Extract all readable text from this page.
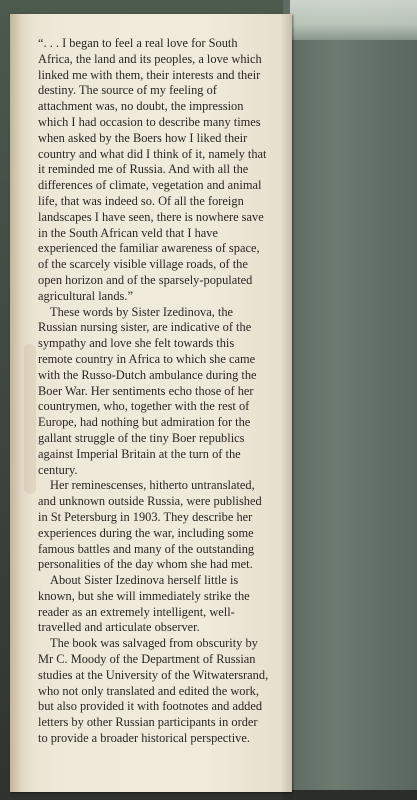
“. . . I began to feel a real love for South Africa, the land and its peoples, a love which linked me with them, their interests and their destiny. The source of my feeling of attachment was, no doubt, the impression which I had occasion to describe many times when asked by the Boers how I liked their country and what did I think of it, namely that it reminded me of Russia. And with all the differences of climate, vegetation and animal life, that was indeed so. Of all the foreign landscapes I have seen, there is nowhere save in the South African veld that I have experienced the familiar awareness of space, of the scarcely visible village roads, of the open horizon and of the sparsely-populated agricultural lands.”

These words by Sister Izedinova, the Russian nursing sister, are indicative of the sympathy and love she felt towards this remote country in Africa to which she came with the Russo-Dutch ambulance during the Boer War. Her sentiments echo those of her countrymen, who, together with the rest of Europe, had nothing but admiration for the gallant struggle of the tiny Boer republics against Imperial Britain at the turn of the century.

Her reminescenses, hitherto untranslated, and unknown outside Russia, were published in St Petersburg in 1903. They describe her experiences during the war, including some famous battles and many of the outstanding personalities of the day whom she had met.

About Sister Izedinova herself little is known, but she will immediately strike the reader as an extremely intelligent, well-travelled and articulate observer.

The book was salvaged from obscurity by Mr C. Moody of the Department of Russian studies at the University of the Witwatersrand, who not only translated and edited the work, but also provided it with footnotes and added letters by other Russian participants in order to provide a broader historical perspective.
